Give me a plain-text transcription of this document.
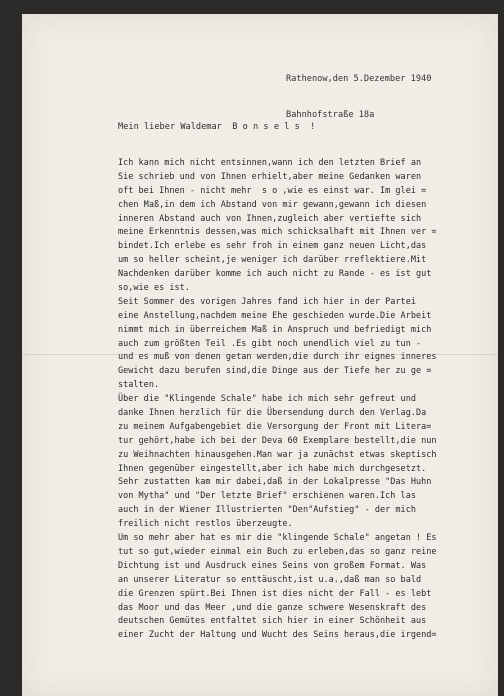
Rathenow,den 5.Dezember 1940

Bahnhofstraße 18a

Mein lieber Waldemar  B o n s e l s  !
Ich kann mich nicht entsinnen,wann ich den letzten Brief an
Sie schrieb und von Ihnen erhielt,aber meine Gedanken waren
oft bei Ihnen - nicht mehr  s o ,wie es einst war. Im glei =
chen Maß,in dem ich Abstand von mir gewann,gewann ich diesen
inneren Abstand auch von Ihnen,zugleich aber vertiefte sich
meine Erkenntnis dessen,was mich schicksalhaft mit Ihnen ver =
bindet.Ich erlebe es sehr froh in einem ganz neuen Licht,das
um so heller scheint,je weniger ich darüber rreflektiere.Mit
Nachdenken darüber komme ich auch nicht zu Rande - es ist gut
so,wie es ist.
Seit Sommer des vorigen Jahres fand ich hier in der Partei
eine Anstellung,nachdem meine Ehe geschieden wurde.Die Arbeit
nimmt mich in überreichem Maß in Anspruch und befriedigt mich
auch zum größten Teil .Es gibt noch unendlich viel zu tun -
und es muß von denen getan werden,die durch ihr eignes inneres
Gewicht dazu berufen sind,die Dinge aus der Tiefe her zu ge =
stalten.
Über die "Klingende Schale" habe ich mich sehr gefreut und
danke Ihnen herzlich für die Übersendung durch den Verlag.Da
zu meinem Aufgabengebiet die Versorgung der Front mit Litera=
tur gehört,habe ich bei der Deva 60 Exemplare bestellt,die nun
zu Weihnachten hinausgehen.Man war ja zunächst etwas skeptisch
Ihnen gegenüber eingestellt,aber ich habe mich durchgesetzt.
Sehr zustatten kam mir dabei,daß in der Lokalpresse "Das Huhn
von Mytha" und "Der letzte Brief" erschienen waren.Ich las
auch in der Wiener Illustrierten "Den"Aufstieg" - der mich
freilich nicht restlos überzeugte.
Um so mehr aber hat es mir die "klingende Schale" angetan ! Es
tut so gut,wieder einmal ein Buch zu erleben,das so ganz reine
Dichtung ist und Ausdruck eines Seins von großem Format. Was
an unserer Literatur so enttäuscht,ist u.a.,daß man so bald
die Grenzen spürt.Bei Ihnen ist dies nicht der Fall - es lebt
das Moor und das Meer ,und die ganze schwere Wesenskraft des
deutschen Gemütes entfaltet sich hier in einer Schönheit aus
einer Zucht der Haltung und Wucht des Seins heraus,die irgend=
